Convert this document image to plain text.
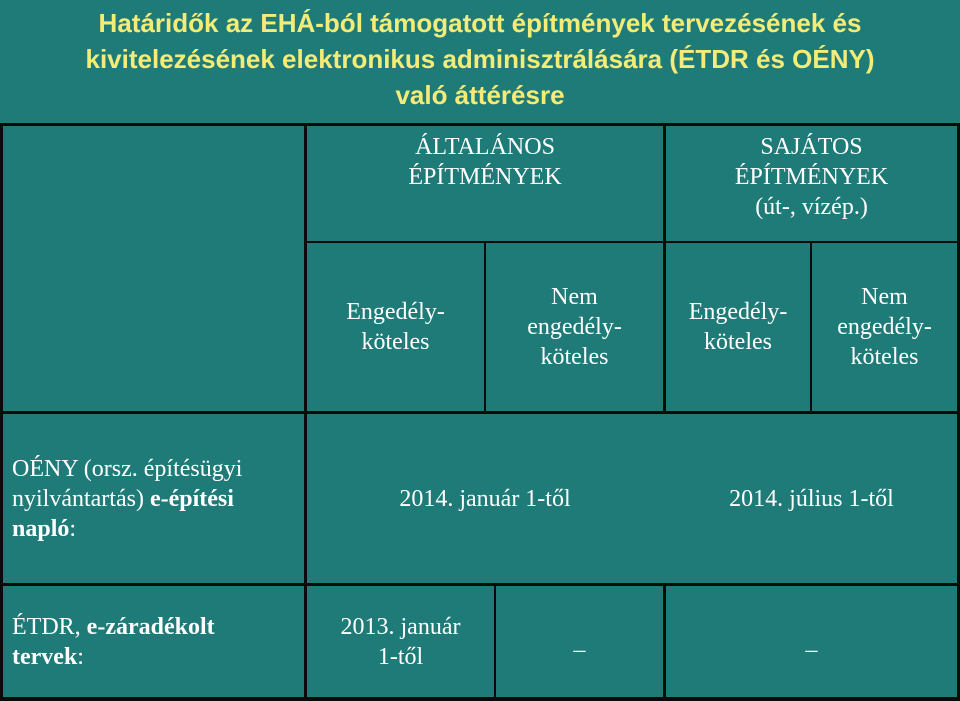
Határidők az EHÁ-ból támogatott építmények tervezésének és
kivitelezésének elektronikus adminisztrálására (ÉTDR és OÉNY)
való áttérésre
ÁLTALÁNOS
ÉPÍTMÉNYEK
SAJÁTOS
ÉPÍTMÉNYEK
(út-, vízép.)
Engedély-
köteles
Nem
engedély-
köteles
Engedély-
köteles
Nem
engedély-
köteles
OÉNY (orsz. építésügyi
nyilvántartás) e-építési
napló:
2014. január 1-től	2014. július 1-től
ÉTDR, e-záradékolt
tervek:
2013. január
1-től
_	_
